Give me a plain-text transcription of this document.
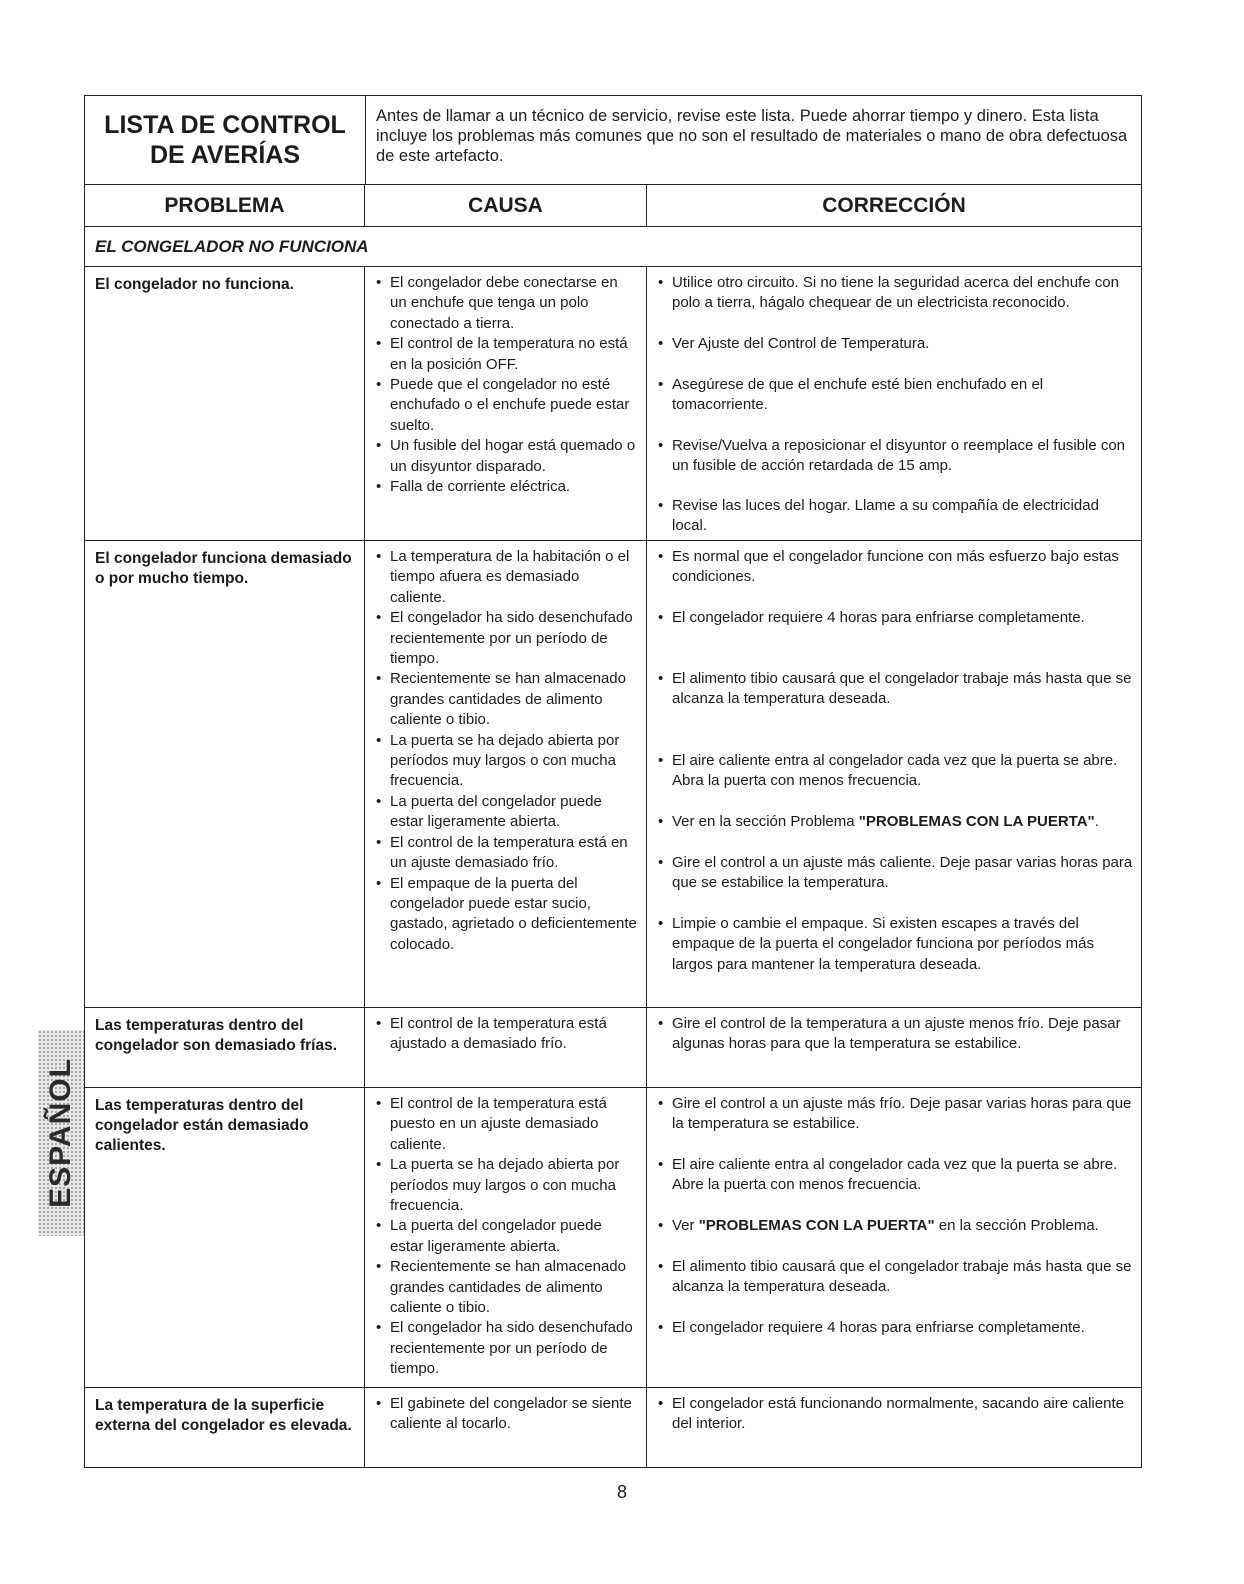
LISTA DE CONTROL
DE AVERÍAS
Antes de llamar a un técnico de servicio, revise este lista. Puede ahorrar tiempo y dinero. Esta lista incluye los problemas más comunes que no son el resultado de materiales o mano de obra defectuosa de este artefacto.
PROBLEMA	CAUSA	CORRECCIÓN
EL CONGELADOR NO FUNCIONA
El congelador no funciona.
•	El congelador debe conectarse en un enchufe que tenga un polo conectado a tierra.
• El control de la temperatura no está en la posición OFF.
• Puede que el congelador no esté enchufado o el enchufe puede estar suelto.
• Un fusible del hogar está quemado o un disyuntor disparado.
• Falla de corriente eléctrica.
• Utilice otro circuito. Si no tiene la seguridad acerca del enchufe con polo a tierra, hágalo chequear de un electricista reconocido.
• Ver Ajuste del Control de Temperatura.
• Asegúrese de que el enchufe esté bien enchufado en el tomacorriente.
• Revise/Vuelva a reposicionar el disyuntor o reemplace el fusible con un fusible de acción retardada de 15 amp.
• Revise las luces del hogar. Llame a su compañía de electricidad local.
El congelador funciona demasiado o por mucho tiempo.
• La temperatura de la habitación o el tiempo afuera es demasiado caliente.
• El congelador ha sido desenchufado recientemente por un período de tiempo.
• Recientemente se han almacenado grandes cantidades de alimento caliente o tibio.
• La puerta se ha dejado abierta por períodos muy largos o con mucha frecuencia.
• La puerta del congelador puede estar ligeramente abierta.
• El control de la temperatura está en un ajuste demasiado frío.
• El empaque de la puerta del congelador puede estar sucio, gastado, agrietado o deficientemente colocado.
• Es normal que el congelador funcione con más esfuerzo bajo estas condiciones.
• El congelador requiere 4 horas para enfriarse completamente.
• El alimento tibio causará que el congelador trabaje más hasta que se alcanza la temperatura deseada.
• El aire caliente entra al congelador cada vez que la puerta se abre. Abra la puerta con menos frecuencia.
• Ver en la sección Problema "PROBLEMAS CON LA PUERTA".
• Gire el control a un ajuste más caliente. Deje pasar varias horas para que se estabilice la temperatura.
• Limpie o cambie el empaque. Si existen escapes a través del empaque de la puerta el congelador funciona por períodos más largos para mantener la temperatura deseada.
Las temperaturas dentro del congelador son demasiado frías.
• El control de la temperatura está ajustado a demasiado frío.
• Gire el control de la temperatura a un ajuste menos frío. Deje pasar algunas horas para que la temperatura se estabilice.
Las temperaturas dentro del congelador están demasiado calientes.
• El control de la temperatura está puesto en un ajuste demasiado caliente.
• La puerta se ha dejado abierta por períodos muy largos o con mucha frecuencia.
• La puerta del congelador puede estar ligeramente abierta.
• Recientemente se han almacenado grandes cantidades de alimento caliente o tibio.
• El congelador ha sido desenchufado recientemente por un período de tiempo.
• Gire el control a un ajuste más frío. Deje pasar varias horas para que la temperatura se estabilice.
• El aire caliente entra al congelador cada vez que la puerta se abre. Abre la puerta con menos frecuencia.
• Ver "PROBLEMAS CON LA PUERTA" en la sección Problema.
• El alimento tibio causará que el congelador trabaje más hasta que se alcanza la temperatura deseada.
• El congelador requiere 4 horas para enfriarse completamente.
La temperatura de la superficie externa del congelador es elevada.
• El gabinete del congelador se siente caliente al tocarlo.
• El congelador está funcionando normalmente, sacando aire caliente del interior.
ESPAÑOL
8
